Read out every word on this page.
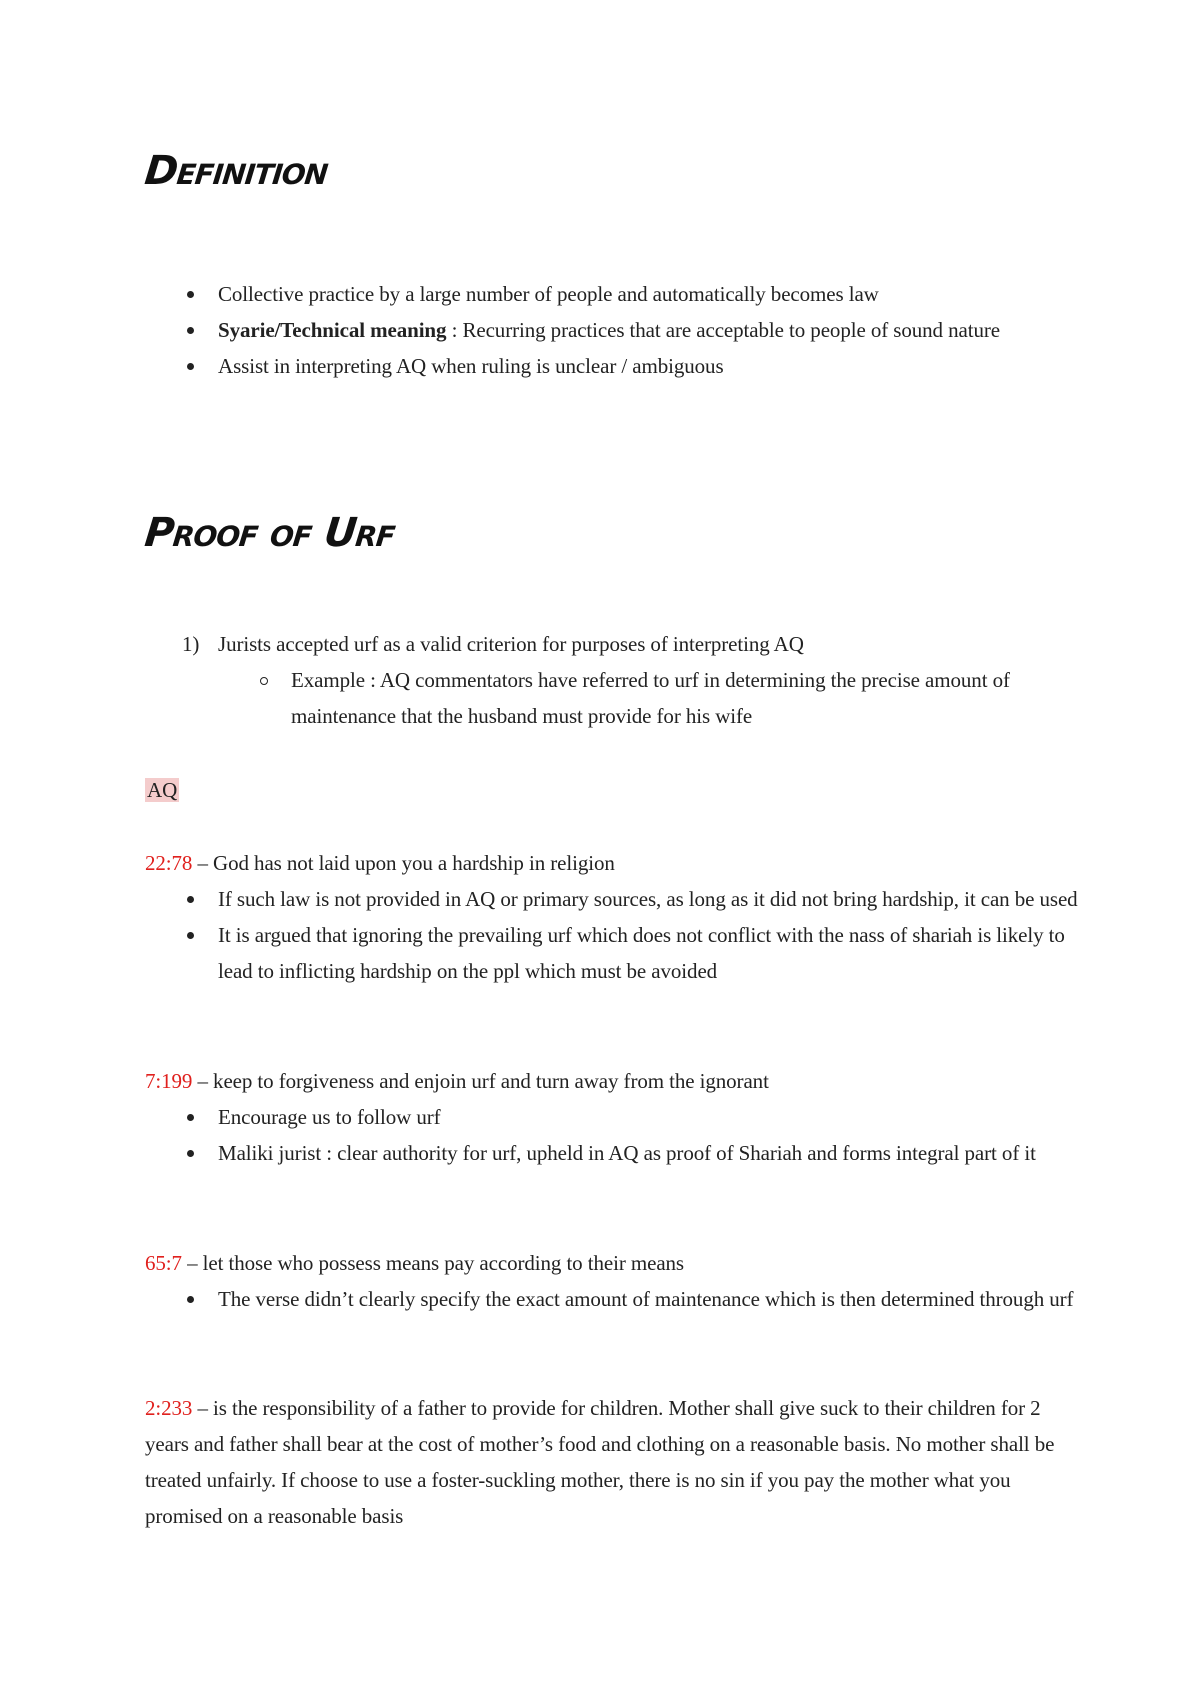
Definition
Collective practice by a large number of people and automatically becomes law
Syarie/Technical meaning : Recurring practices that are acceptable to people of sound nature
Assist in interpreting AQ when ruling is unclear / ambiguous
Proof of Urf
1) Jurists accepted urf as a valid criterion for purposes of interpreting AQ
Example : AQ commentators have referred to urf in determining the precise amount of maintenance that the husband must provide for his wife
AQ
22:78 – God has not laid upon you a hardship in religion
If such law is not provided in AQ or primary sources, as long as it did not bring hardship, it can be used
It is argued that ignoring the prevailing urf which does not conflict with the nass of shariah is likely to lead to inflicting hardship on the ppl which must be avoided
7:199 – keep to forgiveness and enjoin urf and turn away from the ignorant
Encourage us to follow urf
Maliki jurist : clear authority for urf, upheld in AQ as proof of Shariah and forms integral part of it
65:7 – let those who possess means pay according to their means
The verse didn’t clearly specify the exact amount of maintenance which is then determined through urf
2:233 – is the responsibility of a father to provide for children. Mother shall give suck to their children for 2 years and father shall bear at the cost of mother’s food and clothing on a reasonable basis. No mother shall be treated unfairly. If choose to use a foster-suckling mother, there is no sin if you pay the mother what you promised on a reasonable basis
